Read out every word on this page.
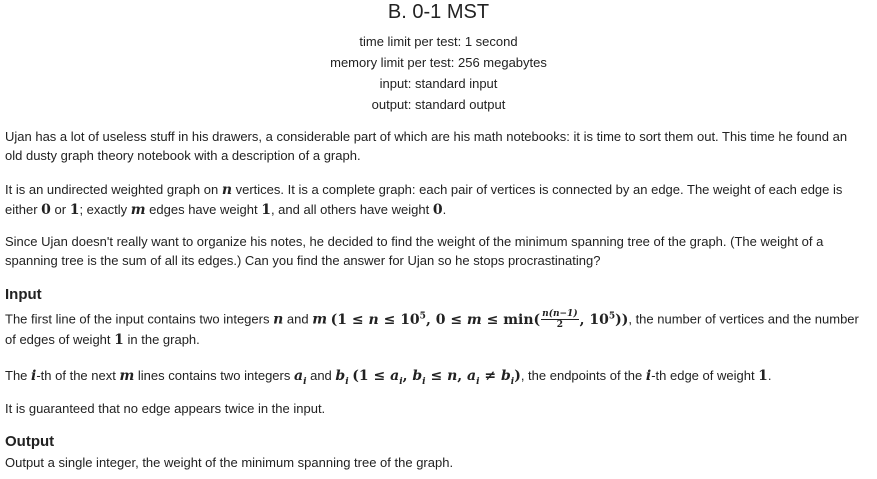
B. 0-1 MST
time limit per test: 1 second
memory limit per test: 256 megabytes
input: standard input
output: standard output

Ujan has a lot of useless stuff in his drawers, a considerable part of which are his math notebooks: it is time to sort them out. This time he found an old dusty graph theory notebook with a description of a graph.

It is an undirected weighted graph on n vertices. It is a complete graph: each pair of vertices is connected by an edge. The weight of each edge is either 0 or 1; exactly m edges have weight 1, and all others have weight 0.

Since Ujan doesn't really want to organize his notes, he decided to find the weight of the minimum spanning tree of the graph. (The weight of a spanning tree is the sum of all its edges.) Can you find the answer for Ujan so he stops procrastinating?

Input

The first line of the input contains two integers n and m ($1 \le n \le 10^5$, $0 \le m \le \min( \frac{n(n-1)}{2}$ , $10^5$)), the number of vertices and the number of edges of weight 1 in the graph.

The i-th of the next m lines contains two integers $a_i$ and $b_i$ ($1 \le a_i$, $b_i \le n$, $a_i \ne b_i$), the endpoints of the i-th edge of weight 1.

It is guaranteed that no edge appears twice in the input.

Output

Output a single integer, the weight of the minimum spanning tree of the graph.
